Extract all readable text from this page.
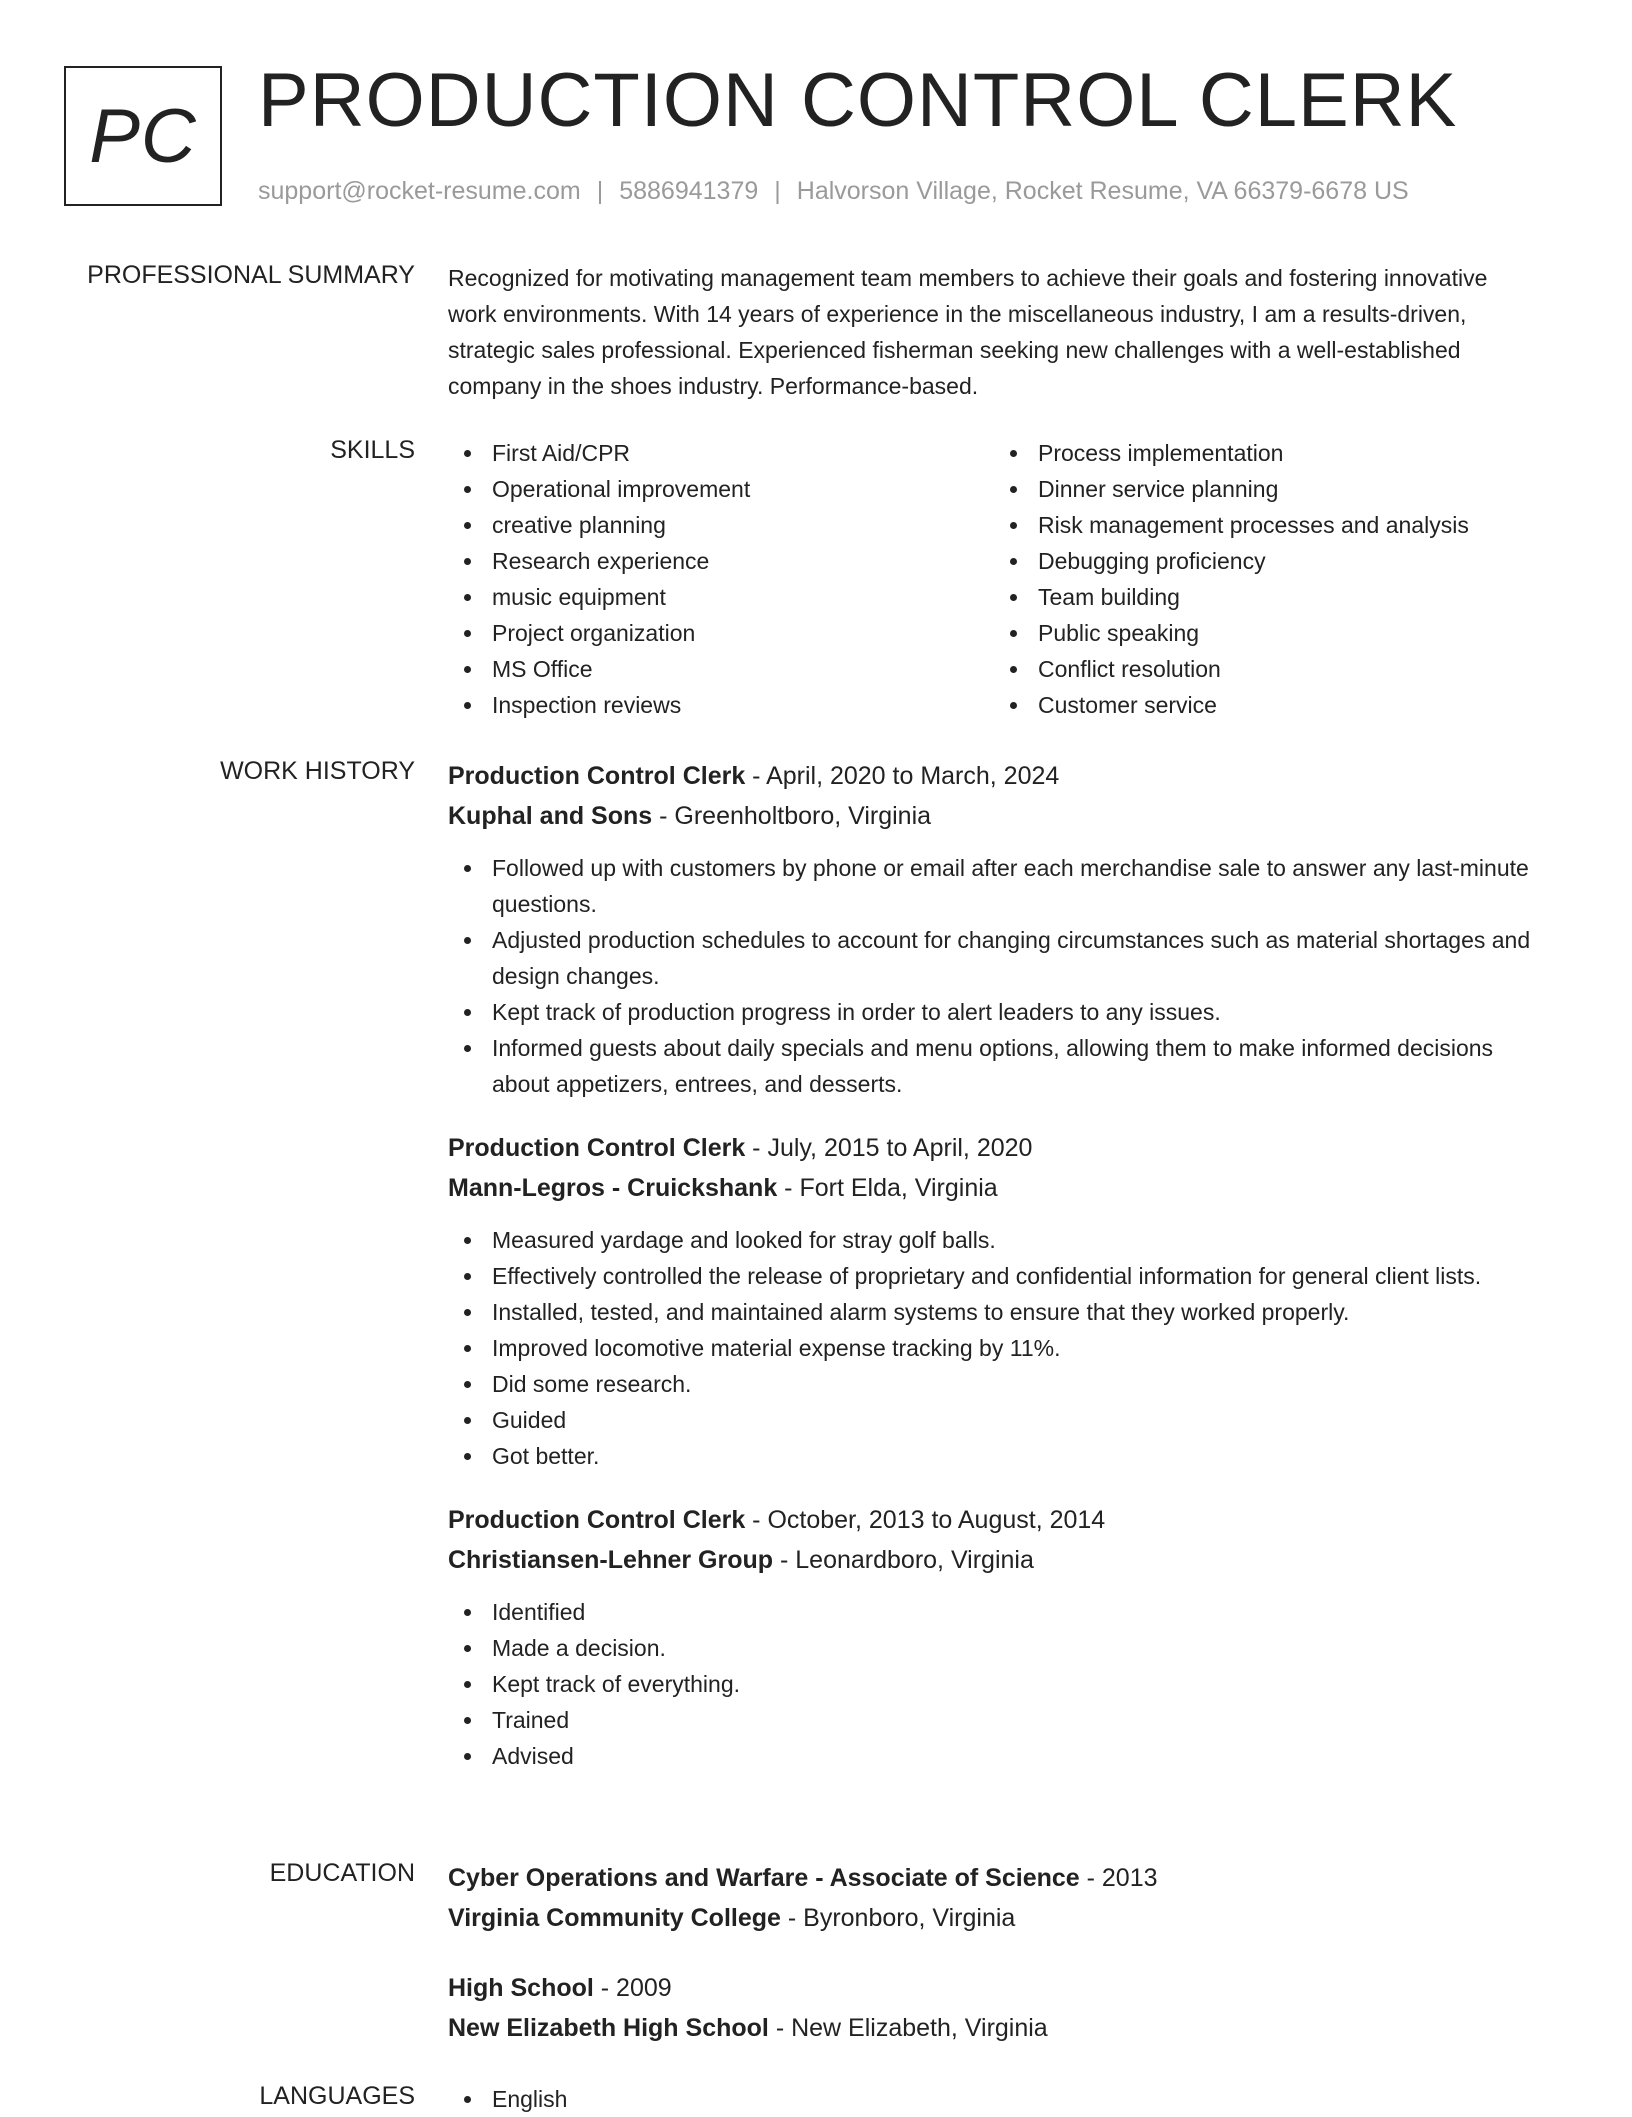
PC PRODUCTION CONTROL CLERK
support@rocket-resume.com | 5886941379 | Halvorson Village, Rocket Resume, VA 66379-6678 US
PROFESSIONAL SUMMARY Recognized for motivating management team members to achieve their goals and fostering innovative work environments. With 14 years of experience in the miscellaneous industry, I am a results-driven, strategic sales professional. Experienced fisherman seeking new challenges with a well-established company in the shoes industry. Performance-based.

SKILLS	First Aid/CPR
Operational improvement
creative planning
Research experience
music equipment
Project organization
MS Office
Inspection reviews
Process implementation
Dinner service planning
Risk management processes and analysis
Debugging proficiency
Team building
Public speaking
Conflict resolution
Customer service
WORK HISTORY Production Control Clerk - April, 2020 to March, 2024
Kuphal and Sons - Greenholtboro, Virginia
Followed up with customers by phone or email after each merchandise sale to answer any last-minute questions.
Adjusted production schedules to account for changing circumstances such as material shortages and design changes.
Kept track of production progress in order to alert leaders to any issues.
Informed guests about daily specials and menu options, allowing them to make informed decisions about appetizers, entrees, and desserts.
Production Control Clerk - July, 2015 to April, 2020
Mann-Legros - Cruickshank - Fort Elda, Virginia
Measured yardage and looked for stray golf balls.
Effectively controlled the release of proprietary and confidential information for general client lists.
Installed, tested, and maintained alarm systems to ensure that they worked properly.
Improved locomotive material expense tracking by 11%.
Did some research.
Guided
Got better.
Production Control Clerk - October, 2013 to August, 2014
Christiansen-Lehner Group - Leonardboro, Virginia
Identified
Made a decision.
Kept track of everything.
Trained
Advised
EDUCATION Cyber Operations and Warfare - Associate of Science - 2013
Virginia Community College - Byronboro, Virginia
High School - 2009
New Elizabeth High School - New Elizabeth, Virginia
LANGUAGES	English
